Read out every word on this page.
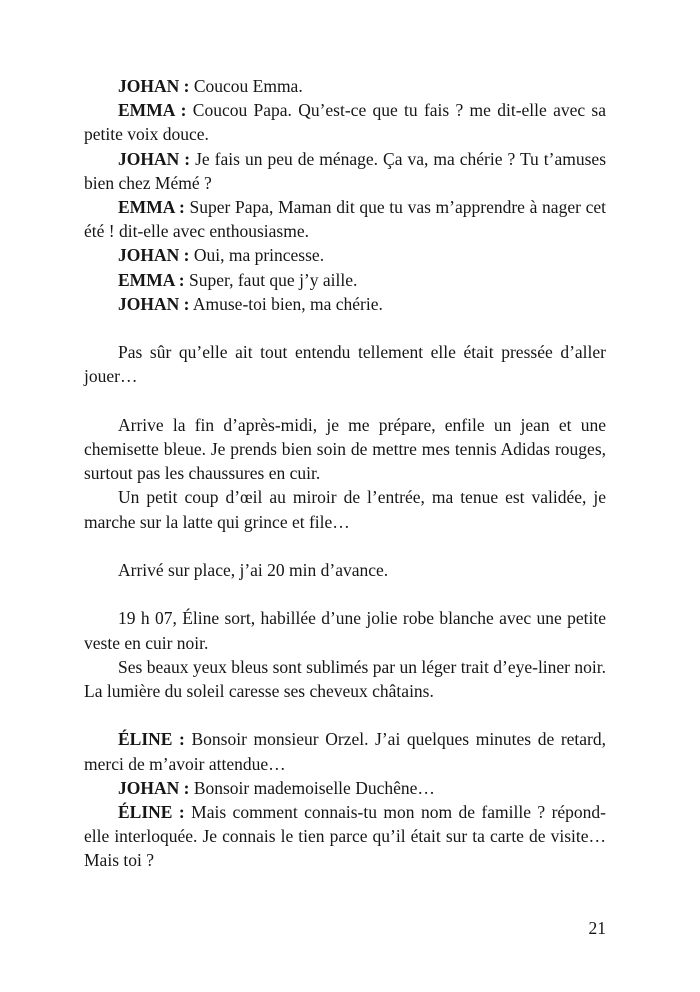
JOHAN : Coucou Emma.

EMMA : Coucou Papa. Qu’est-ce que tu fais ? me dit-elle avec sa petite voix douce.

JOHAN : Je fais un peu de ménage. Ça va, ma chérie ? Tu t’amuses bien chez Mémé ?

EMMA : Super Papa, Maman dit que tu vas m’apprendre à nager cet été ! dit-elle avec enthousiasme.

JOHAN : Oui, ma princesse.

EMMA : Super, faut que j’y aille.

JOHAN : Amuse-toi bien, ma chérie.

Pas sûr qu’elle ait tout entendu tellement elle était pressée d’aller jouer…

Arrive la fin d’après-midi, je me prépare, enfile un jean et une chemisette bleue. Je prends bien soin de mettre mes tennis Adidas rouges, surtout pas les chaussures en cuir.

Un petit coup d’œil au miroir de l’entrée, ma tenue est validée, je marche sur la latte qui grince et file…

Arrivé sur place, j’ai 20 min d’avance.

19 h 07, Éline sort, habillée d’une jolie robe blanche avec une petite veste en cuir noir.

Ses beaux yeux bleus sont sublimés par un léger trait d’eye-liner noir. La lumière du soleil caresse ses cheveux châtains.

ÉLINE : Bonsoir monsieur Orzel. J’ai quelques minutes de retard, merci de m’avoir attendue…

JOHAN : Bonsoir mademoiselle Duchêne…

ÉLINE : Mais comment connais-tu mon nom de famille ? répond-elle interloquée. Je connais le tien parce qu’il était sur ta carte de visite… Mais toi ?

21
